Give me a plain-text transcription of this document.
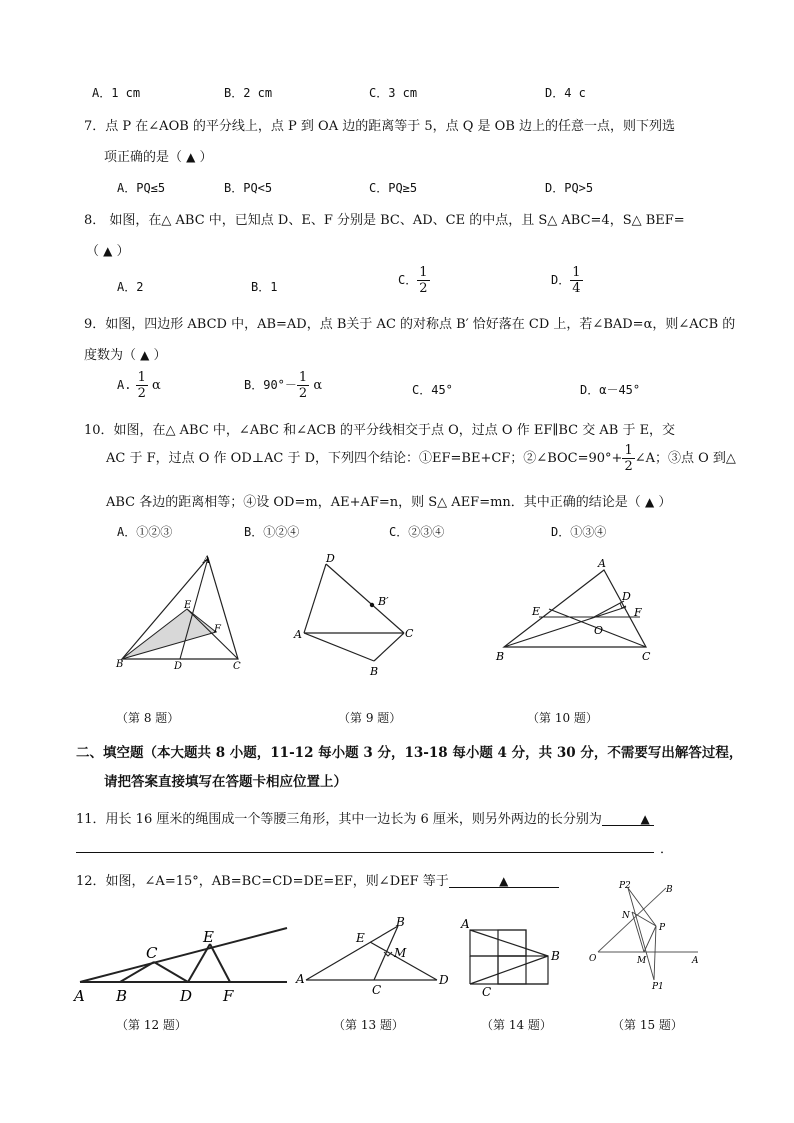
A．1 cm	B．2 cm	C．3 cm	D．4 c
7．点 P 在∠AOB 的平分线上，点 P 到 OA 边的距离等于 5，点 Q 是 OB 边上的任意一点，则下列选
项正确的是（ ▲ ）
A．PQ≤5	B．PQ<5	C．PQ≥5	D．PQ>5
8． 如图，在△ ABC 中，已知点 D、E、F 分别是 BC、AD、CE 的中点，且 S△ ABC=4，S△ BEF=
（ ▲ ）
A．2	B．1	C． $\frac{1}{2}$	D． $\frac{1}{4}$
9．如图，四边形 ABCD 中，AB=AD，点 B关于 AC 的对称点 B′ 恰好落在 CD 上，若∠BAD=α，则∠ACB 的
度数为（ ▲ ）
A. $\frac{1}{2}$ α	B．$90^\circ- \frac{1}{2}$ α	C．45°	D．α－45°
10．如图，在△ ABC 中，∠ABC 和∠ACB 的平分线相交于点 O，过点 O 作 EF∥BC 交 AB 于 E，交
AC 于 F，过点 O 作 OD⊥AC 于 D，下列四个结论：①EF=BE+CF；②∠BOC=90°+ $\frac{1}{2}$ ∠A；③点 O 到△
ABC 各边的距离相等；④设 OD=m，AE+AF=n，则 S△ AEF=mn．其中正确的结论是（ ▲ ）
A．①②③	B．①②④	C．②③④	D．①③④
A
E
F
B	D	C
D
B′
A	C
B
A
D
E	F
O
B	C
（第 8 题）	（第 9 题）	（第 10 题）
二、填空题（本大题共 8 小题，11-12 每小题 3 分，13-18 每小题 4 分，共 30 分，不需要写出解答过程，
请把答案直接填写在答题卡相应位置上）
11．用长 16 厘米的绳围成一个等腰三角形，其中一边长为 6 厘米，则另外两边的长分别为	▲
．
12．如图，∠A=15°，AB=BC=CD=DE=EF，则∠DEF 等于	▲
C
E
A B	D F
B
E
M
A
C
D
A
B
C
P2	B
N
P
O	M	A
P1
（第 12 题）	（第 13 题）	（第 14 题）	（第 15 题）
